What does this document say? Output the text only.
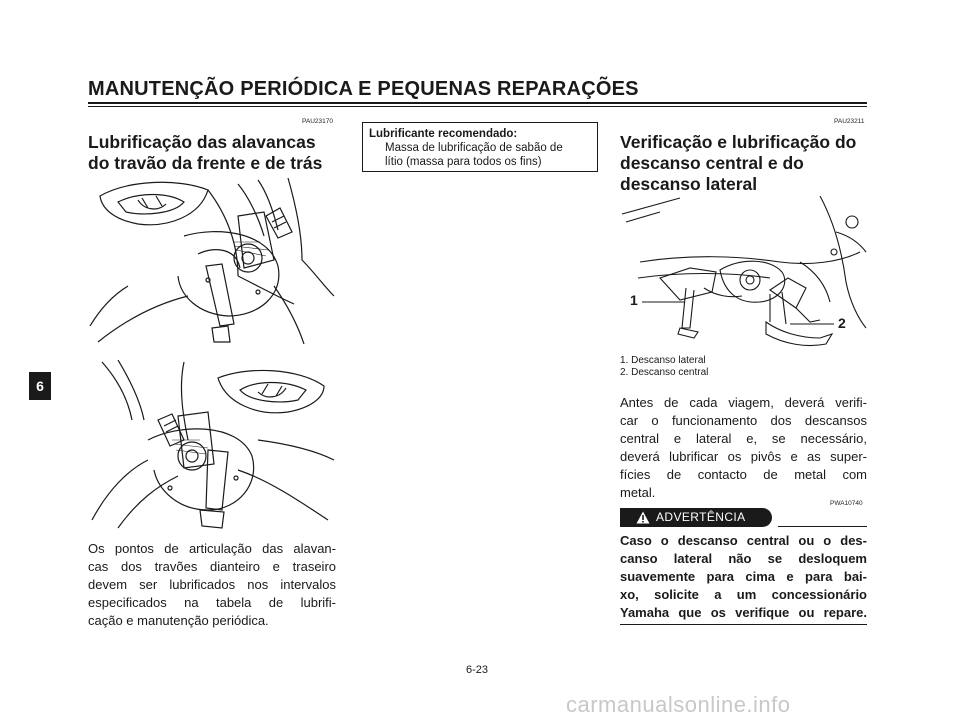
MANUTENÇÃO PERIÓDICA E PEQUENAS REPARAÇÕES
6
PAU23170
Lubrificação das alavancas
do travão da frente e de trás
Os pontos de articulação das alavan-
cas dos travões dianteiro e traseiro
devem ser lubrificados nos intervalos
especificados na tabela de lubrifi-
cação e manutenção periódica.
Lubrificante recomendado:
Massa de lubrificação de sabão de
lítio (massa para todos os fins)
PAU23211
Verificação e lubrificação do
descanso central e do
descanso lateral
1
2
1. Descanso lateral
2. Descanso central
Antes de cada viagem, deverá verifi-
car o funcionamento dos descansos
central e lateral e, se necessário,
deverá lubrificar os pivôs e as super-
fícies de contacto de metal com
metal.
PWA10740
ADVERTÊNCIA
Caso o descanso central ou o des-
canso lateral não se desloquem
suavemente para cima e para bai-
xo, solicite a um concessionário
Yamaha que os verifique ou repare.
6-23
carmanualsonline.info
